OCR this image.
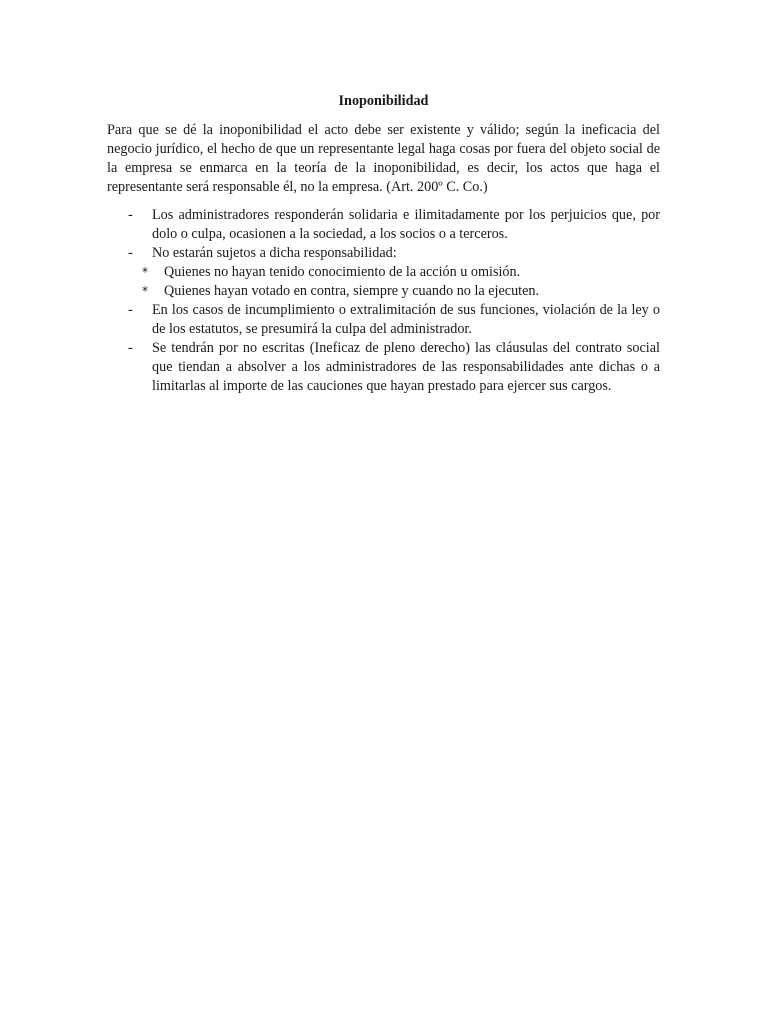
Inoponibilidad

Para que se dé la inoponibilidad el acto debe ser existente y válido; según la ineficacia del negocio jurídico, el hecho de que un representante legal haga cosas por fuera del objeto social de la empresa se enmarca en la teoría de la inoponibilidad, es decir, los actos que haga el representante será responsable él, no la empresa. (Art. 200º C. Co.)

- Los administradores responderán solidaria e ilimitadamente por los perjuicios que, por dolo o culpa, ocasionen a la sociedad, a los socios o a terceros.
- No estarán sujetos a dicha responsabilidad:
* Quienes no hayan tenido conocimiento de la acción u omisión.
* Quienes hayan votado en contra, siempre y cuando no la ejecuten.
- En los casos de incumplimiento o extralimitación de sus funciones, violación de la ley o de los estatutos, se presumirá la culpa del administrador.
- Se tendrán por no escritas (Ineficaz de pleno derecho) las cláusulas del contrato social que tiendan a absolver a los administradores de las responsabilidades ante dichas o a limitarlas al importe de las cauciones que hayan prestado para ejercer sus cargos.
